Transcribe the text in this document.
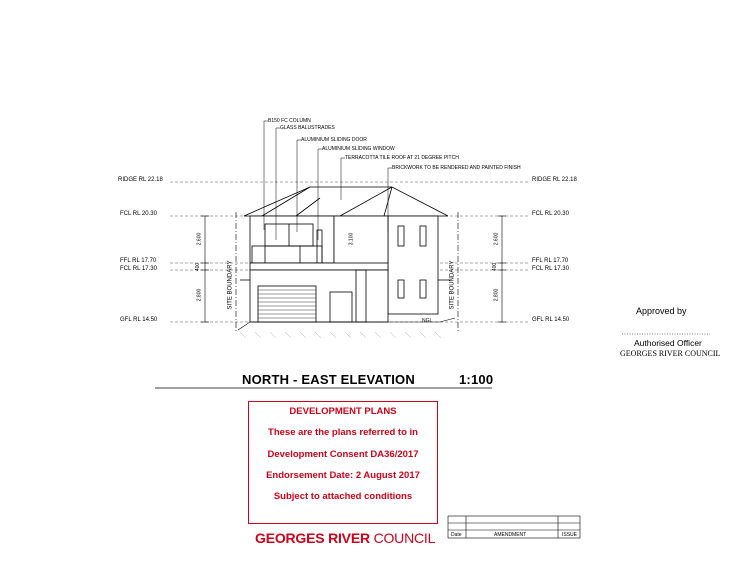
RIDGE RL 22.18
FCL RL 20.30
FFL RL 17.70
FCL RL 17.30
GFL RL 14.50
RIDGE RL 22.18
FCL RL 20.30
FFL RL 17.70
FCL RL 17.30
GFL RL 14.50
2.600
2.800
2.600
2.800
3.100
400	400
SITE BOUNDARY	SITE BOUNDARY
B150 FC COLUMN
GLASS BALUSTRADES
ALUMINIUM SLIDING DOOR
ALUMINIUM SLIDING WINDOW
TERRACOTTA TILE ROOF AT 21 DEGREE PITCH
BRICKWORK TO BE RENDERED AND PAINTED FINISH
NGL
NORTH - EAST ELEVATION	1:100
DEVELOPMENT PLANS
These are the plans referred to in
Development Consent DA36/2017
Endorsement Date: 2 August 2017
Subject to attached conditions
GEORGES RIVER COUNCIL	Date	AMENDMENT	ISSUE
Approved by
Authorised Officer
GEORGES RIVER COUNCIL
